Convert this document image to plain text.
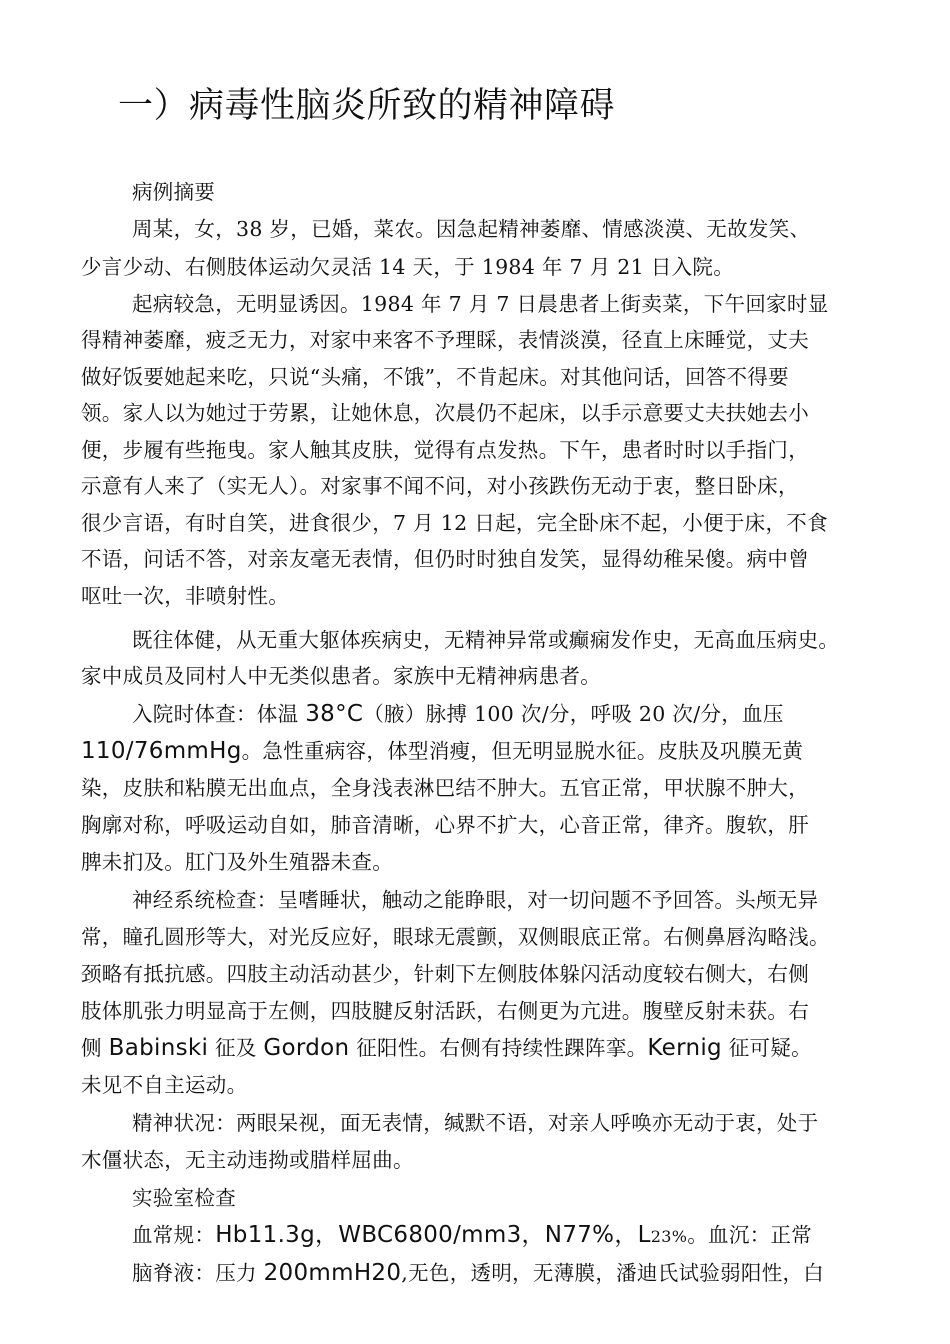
一）病毒性脑炎所致的精神障碍

病例摘要

周某，女，38 岁，已婚，菜农。因急起精神萎靡、情感淡漠、无故发笑、

少言少动、右侧肢体运动欠灵活 14 天，于 1984 年 7 月 21 日入院。

起病较急，无明显诱因。1984 年 7 月 7 日晨患者上街卖菜，下午回家时显

得精神萎靡，疲乏无力，对家中来客不予理睬，表情淡漠，径直上床睡觉，丈夫

做好饭要她起来吃，只说“头痛，不饿”，不肯起床。对其他问话，回答不得要

领。家人以为她过于劳累，让她休息，次晨仍不起床，以手示意要丈夫扶她去小

便，步履有些拖曳。家人触其皮肤，觉得有点发热。下午，患者时时以手指门，

示意有人来了（实无人）。对家事不闻不问，对小孩跌伤无动于衷，整日卧床，

很少言语，有时自笑，进食很少，7 月 12 日起，完全卧床不起，小便于床，不食

不语，问话不答，对亲友毫无表情，但仍时时独自发笑，显得幼稚呆傻。病中曾

呕吐一次，非喷射性。

既往体健，从无重大躯体疾病史，无精神异常或癫痫发作史，无高血压病史。

家中成员及同村人中无类似患者。家族中无精神病患者。

入院时体查：体温 38°C（腋）脉搏 100 次/分，呼吸 20 次/分，血压

110/76mmHg。急性重病容，体型消瘦，但无明显脱水征。皮肤及巩膜无黄

染，皮肤和粘膜无出血点，全身浅表淋巴结不肿大。五官正常，甲状腺不肿大，

胸廓对称，呼吸运动自如，肺音清晰，心界不扩大，心音正常，律齐。腹软，肝

脾未扪及。肛门及外生殖器未查。

神经系统检查：呈嗜睡状，触动之能睁眼，对一切问题不予回答。头颅无异

常，瞳孔圆形等大，对光反应好，眼球无震颤，双侧眼底正常。右侧鼻唇沟略浅。

颈略有抵抗感。四肢主动活动甚少，针刺下左侧肢体躲闪活动度较右侧大，右侧

肢体肌张力明显高于左侧，四肢腱反射活跃，右侧更为亢进。腹壁反射未获。右

侧 Babinski 征及 Gordon 征阳性。右侧有持续性踝阵挛。Kernig 征可疑。

未见不自主运动。

精神状况：两眼呆视，面无表情，缄默不语，对亲人呼唤亦无动于衷，处于

木僵状态，无主动违拗或腊样屈曲。

实验室检查

血常规：Hb11.3g，WBC6800/mm3，N77%，L23%。血沉：正常

脑脊液：压力 200mmH20,无色，透明，无薄膜，潘迪氏试验弱阳性，白
